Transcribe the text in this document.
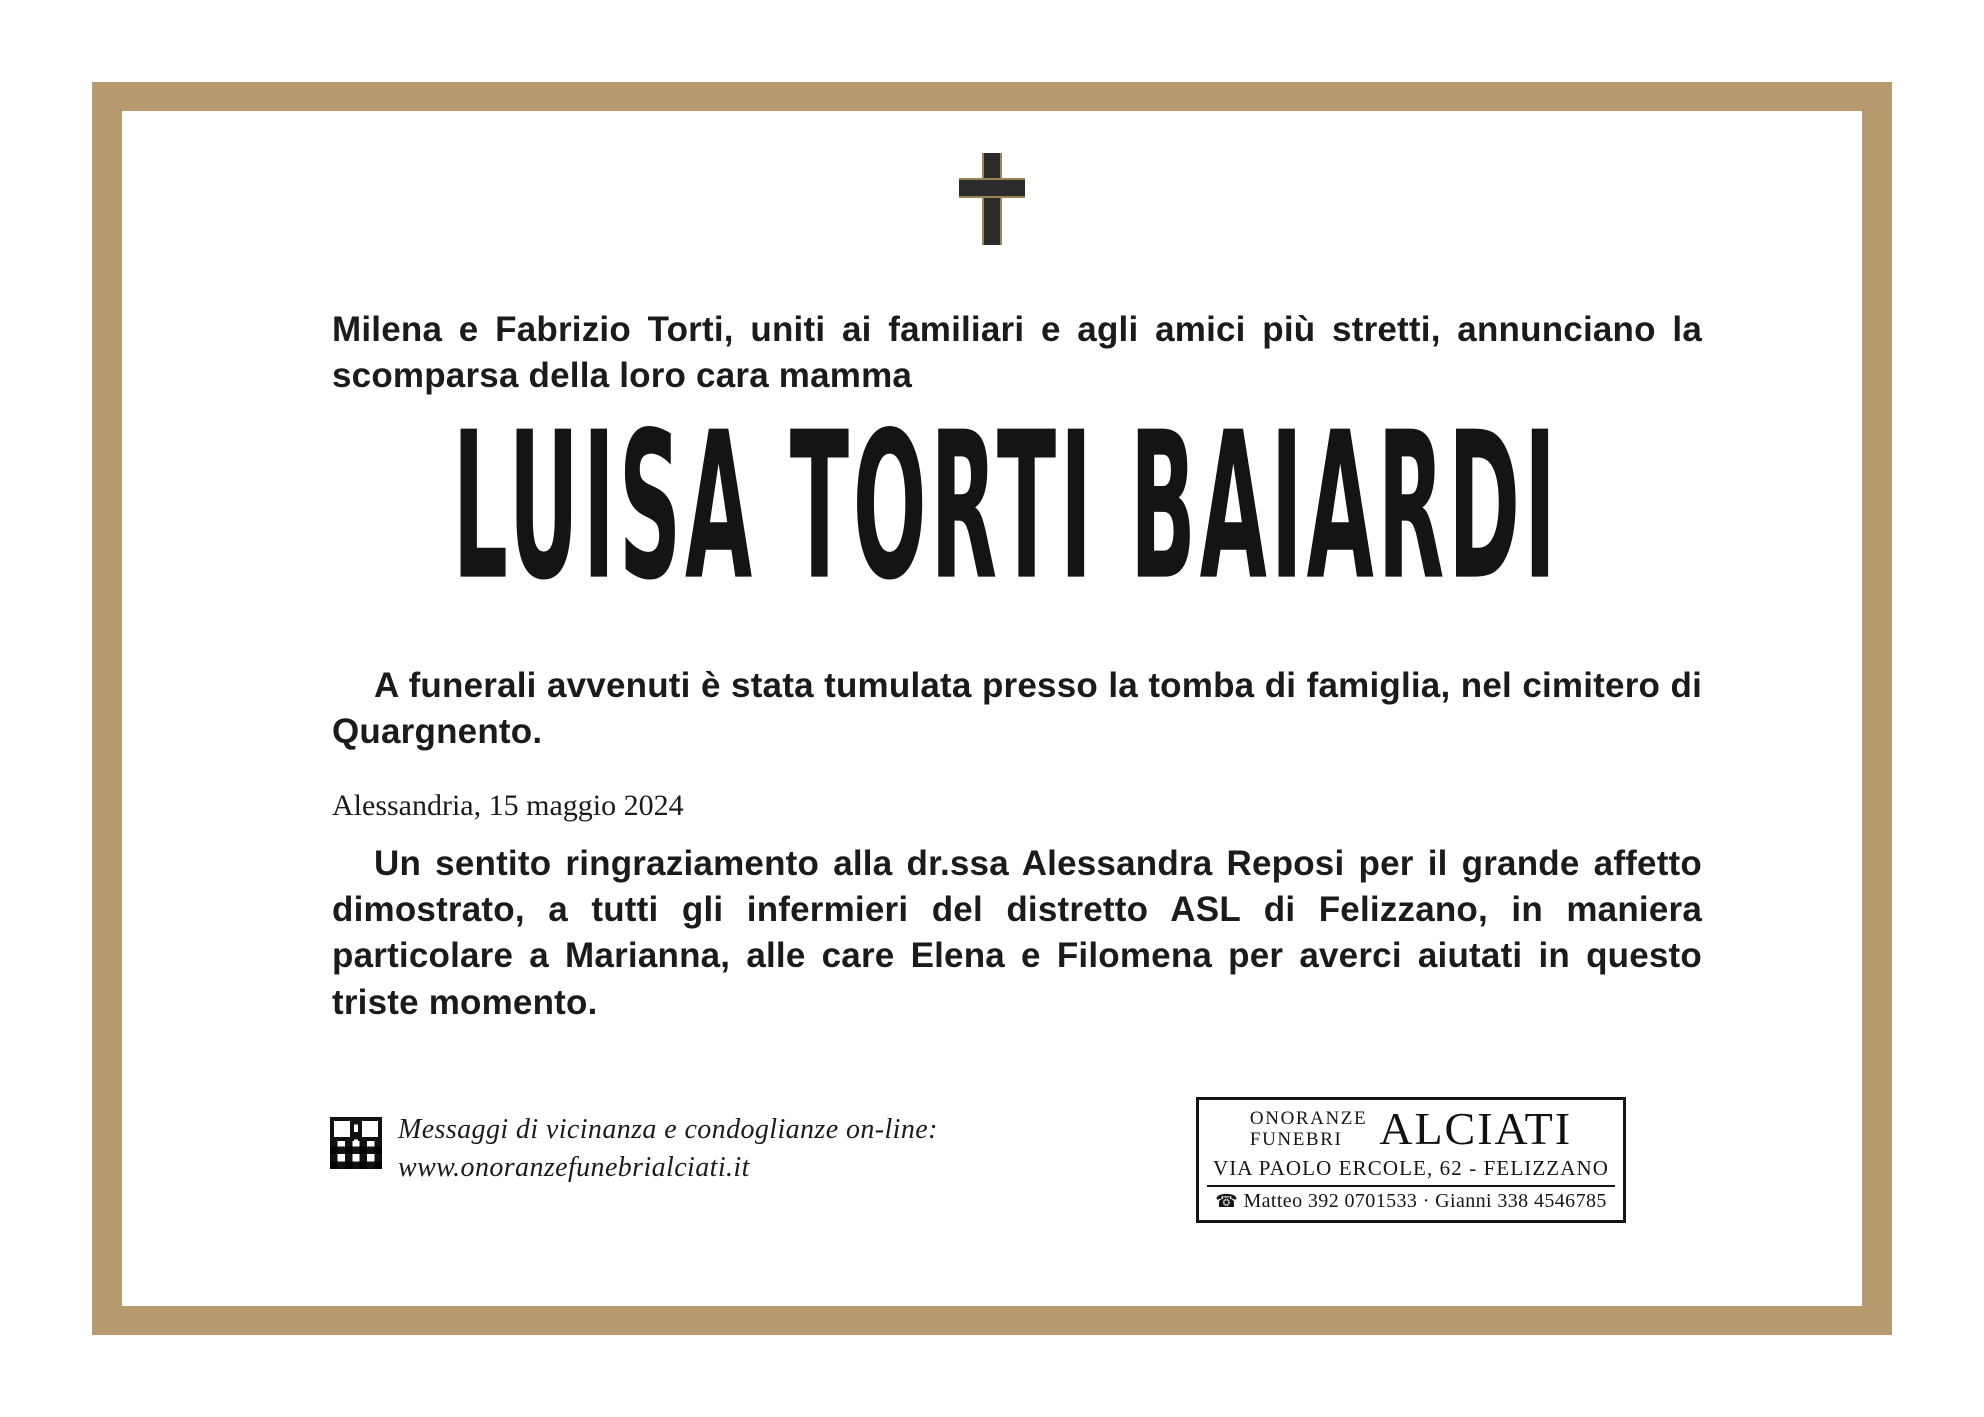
Milena e Fabrizio Torti, uniti ai familiari e agli amici più stretti, annunciano la scomparsa della loro cara mamma
LUISA TORTI BAIARDI
A funerali avvenuti è stata tumulata presso la tomba di famiglia, nel cimitero di Quargnento.
Alessandria, 15 maggio 2024
Un sentito ringraziamento alla dr.ssa Alessandra Reposi per il grande affetto dimostrato, a tutti gli infermieri del distretto ASL di Felizzano, in maniera particolare a Marianna, alle care Elena e Filomena per averci aiutati in questo triste momento.
Messaggi di vicinanza e condoglianze on-line:
www.onoranzefunebrialciati.it
ONORANZE
FUNEBRI ALCIATI
VIA PAOLO ERCOLE, 62 - FELIZZANO
☎ Matteo 392 0701533 · Gianni 338 4546785
